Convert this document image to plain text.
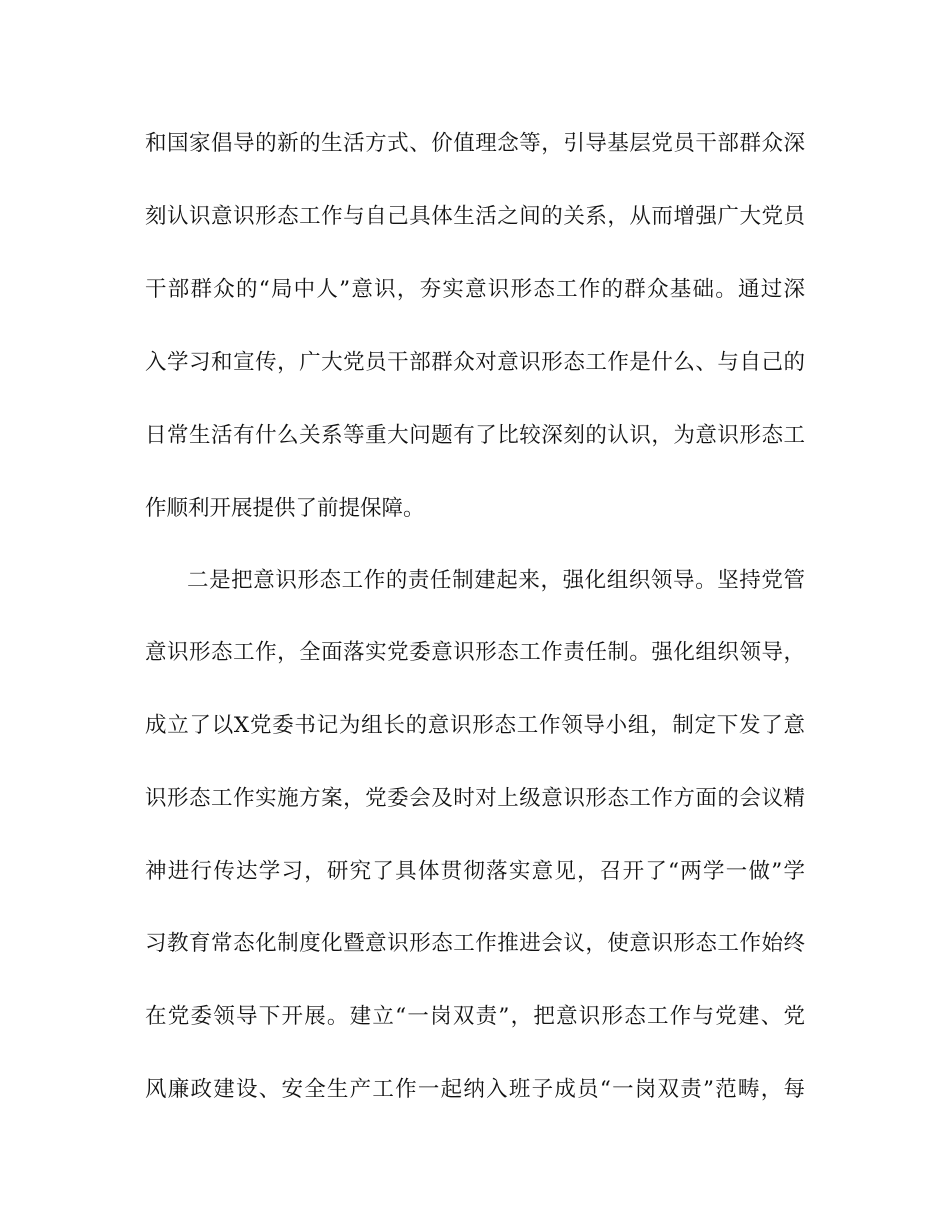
和国家倡导的新的生活方式、价值理念等，引导基层党员干部群众深
刻认识意识形态工作与自己具体生活之间的关系，从而增强广大党员
干部群众的“局中人”意识，夯实意识形态工作的群众基础。通过深
入学习和宣传，广大党员干部群众对意识形态工作是什么、与自己的
日常生活有什么关系等重大问题有了比较深刻的认识，为意识形态工
作顺利开展提供了前提保障。
二是把意识形态工作的责任制建起来，强化组织领导。坚持党管
意识形态工作，全面落实党委意识形态工作责任制。强化组织领导，
成立了以X党委书记为组长的意识形态工作领导小组，制定下发了意
识形态工作实施方案，党委会及时对上级意识形态工作方面的会议精
神进行传达学习，研究了具体贯彻落实意见，召开了“两学一做”学
习教育常态化制度化暨意识形态工作推进会议，使意识形态工作始终
在党委领导下开展。建立“一岗双责”，把意识形态工作与党建、党
风廉政建设、安全生产工作一起纳入班子成员“一岗双责”范畴，每
